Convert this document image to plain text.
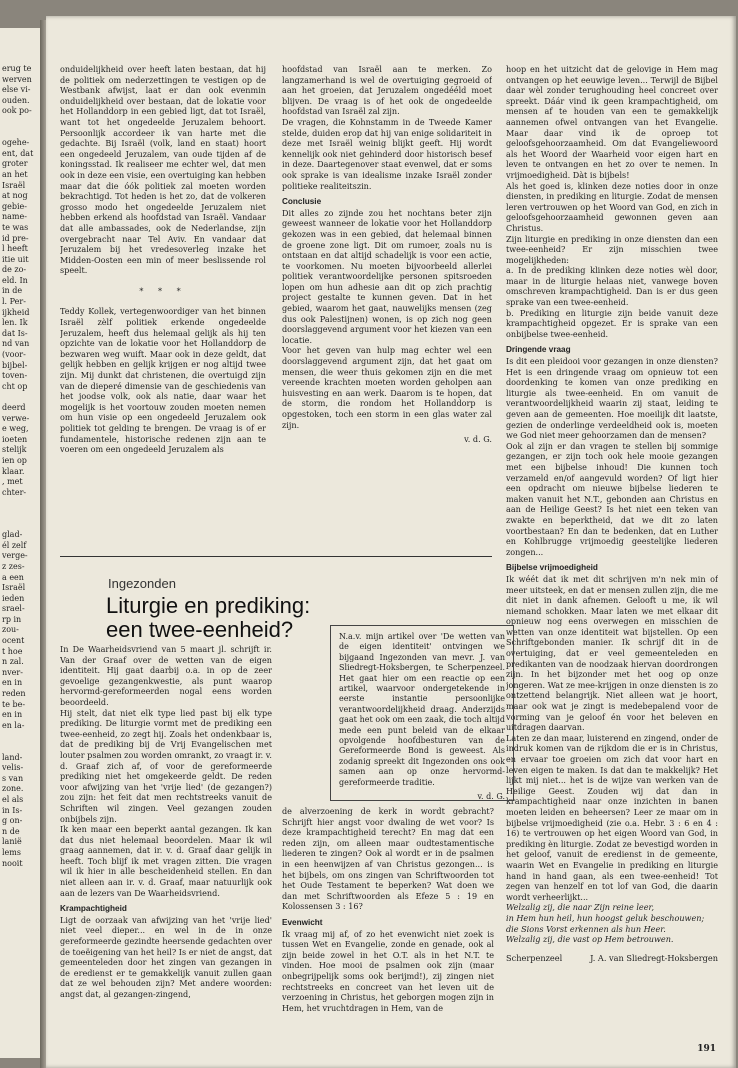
erug te
werven
else vi-
ouden.
ook po-

ogehe-
ent, dat
groter
an het
Israël
at nog
gebie-
name-
te was
id pre-
l heeft
itie uit
de zo-
eld. In
in de
l. Per-
ijkheid
len. Ik
dat Is-
nd van
(voor-
bijbel-
toven-
cht op

deerd
verwe-
e weg,
ioeten
stelijk
ien op
klaar.
, met
chter-

glad-
él zelf
verge-
z zes-
a een
Israël
ieden
srael-
rp in
zou-
ocent
t hoe
n zal.
nver-
en in
reden
te be-
en in
en la-

land-
velis-
s van
zone.
el als
in Is-
g on-
n de
lanië
lems
nooit

onduidelijkheid over heeft laten bestaan, dat hij de politiek om nederzettingen te vestigen op de Westbank afwijst, laat er dan ook evenmin onduidelijkheid over bestaan, dat de lokatie voor het Hollanddorp in een gebied ligt, dat tot Israël, want tot het ongedeelde Jeruzalem behoort. Persoonlijk accordeer ik van harte met die gedachte. Bij Israël (volk, land en staat) hoort een ongedeeld Jeruzalem, van oude tijden af de koningsstad. Ik realiseer me echter wel, dat men ook in deze een visie, een overtuiging kan hebben maar dat die óók politiek zal moeten worden bekrachtigd. Tot heden is het zo, dat de volkeren grosso modo het ongedeelde Jeruzalem niet hebben erkend als hoofdstad van Israël. Vandaar dat alle ambassades, ook de Nederlandse, zijn overgebracht naar Tel Aviv. En vandaar dat Jeruzalem bij het vredesoverleg inzake het Midden-Oosten een min of meer beslissende rol speelt.

* * *

Teddy Kollek, vertegenwoordiger van het binnen Israël zèlf politiek erkende ongedeelde Jeruzalem, heeft dus helemaal gelijk als hij ten opzichte van de lokatie voor het Hollanddorp de bezwaren weg wuift. Maar ook in deze geldt, dat gelijk hebben en gelijk krijgen er nog altijd twee zijn. Mij dunkt dat christenen, die overtuigd zijn van de dieperé dimensie van de geschiedenis van het joodse volk, ook als natie, daar waar het mogelijk is het voortouw zouden moeten nemen om hun visie op een ongedeeld Jeruzalem ook politiek tot gelding te brengen. De vraag is of er fundamentele, historische redenen zijn aan te voeren om een ongedeeld Jeruzalem als

hoofdstad van Israël aan te merken. Zo langzamerhand is wel de overtuiging gegroeid of aan het groeien, dat Jeruzalem ongedééld moet blijven. De vraag is of het ook de ongedeelde hoofdstad van Israël zal zijn.

De vragen, die Kohnstamm in de Tweede Kamer stelde, duiden erop dat hij van enige solidariteit in deze met Israël weinig blijkt geeft. Hij wordt kennelijk ook niet gehinderd door historisch besef in deze. Daartegenover staat evenwel, dat er soms ook sprake is van idealisme inzake Israël zonder politieke realiteitszin.

Conclusie

Dit alles zo zijnde zou het nochtans beter zijn geweest wanneer de lokatie voor het Hollanddorp gekozen was in een gebied, dat helemaal binnen de groene zone ligt. Dit om rumoer, zoals nu is ontstaan en dat altijd schadelijk is voor een actie, te voorkomen. Nu moeten bijvoorbeeld allerlei politiek verantwoordelijke personen spitsroeden lopen om hun adhesie aan dit op zich prachtig project gestalte te kunnen geven. Dat in het gebied, waarom het gaat, nauwelijks mensen (zeg dus ook Palestijnen) wonen, is op zich nog geen doorslaggevend argument voor het kiezen van een locatie.

Voor het geven van hulp mag echter wel een doorslaggevend argument zijn, dat het gaat om mensen, die weer thuis gekomen zijn en die met vereende krachten moeten worden geholpen aan huisvesting en aan werk. Daarom is te hopen, dat de storm, die rondom het Hollanddorp is opgestoken, toch een storm in een glas water zal zijn.

v. d. G.

hoop en het uitzicht dat de gelovige in Hem mag ontvangen op het eeuwige leven... Terwijl de Bijbel daar wèl zonder terughouding heel concreet over spreekt. Dáár vind ik geen krampachtigheid, om mensen af te houden van een te gemakkelijk aannemen ofwel ontvangen van het Evangelie. Maar daar vind ik de oproep tot geloofsgehoorzaamheid. Om dat Evangeliewoord als het Woord der Waarheid voor eigen hart en leven te ontvangen en het zo over te nemen. In vrijmoedigheid. Dàt is bijbels!

Als het goed is, klinken deze noties door in onze diensten, in prediking en liturgie. Zodat de mensen leren vertrouwen op het Woord van God, en zich in geloofsgehoorzaamheid gewonnen geven aan Christus.

Zijn liturgie en prediking in onze diensten dan een twee-eenheid? Er zijn misschien twee mogelijkheden:

a. In de prediking klinken deze noties wèl door, maar in de liturgie helaas niet, vanwege boven omschreven krampachtigheid. Dan is er dus geen sprake van een twee-eenheid.

b. Prediking en liturgie zijn beide vanuit deze krampachtigheid opgezet. Er is sprake van een onbijbelse twee-eenheid.

Dringende vraag

Is dit een pleidooi voor gezangen in onze diensten? Het is een dringende vraag om opnieuw tot een doordenking te komen van onze prediking en liturgie als twee-eenheid. En om vanuit de verantwoordelijkheid waarin zij staat, leiding te geven aan de gemeenten. Hoe moeilijk dit laatste, gezien de onderlinge verdeeldheid ook is, moeten we God niet meer gehoorzamen dan de mensen?

Ook al zijn er dan vragen te stellen bij sommige gezangen, er zijn toch ook hele mooie gezangen met een bijbelse inhoud! Die kunnen toch verzameld en/of aangevuld worden? Of ligt hier een opdracht om nieuwe bijbelse liederen te maken vanuit het N.T., gebonden aan Christus en aan de Heilige Geest? Is het niet een teken van zwakte en beperktheid, dat we dit zo laten voortbestaan? En dan te bedenken, dat en Luther en Kohlbrugge vrijmoedig geestelijke liederen zongen...

Bijbelse vrijmoedigheid

Ik wéét dat ik met dit schrijven m'n nek min of meer uitsteek, en dat er mensen zullen zijn, die me dit niet in dank afnemen. Gelooft u me, ik wil niemand schokken. Maar laten we met elkaar dit opnieuw nog eens overwegen en misschien de wetten van onze identiteit wat bijstellen. Op een Schriftgebonden manier. Ik schrijf dit in de overtuiging, dat er veel gemeenteleden en predikanten van de noodzaak hiervan doordrongen zijn. In het bijzonder met het oog op onze jongeren. Wat ze mee-krijgen in onze diensten is zo ontzettend belangrijk. Niet alleen wat je hoort, maar ook wat je zingt is medebepalend voor de vorming van je geloof én voor het beleven en uitdragen daarvan.

Laten ze dan maar, luisterend en zingend, onder de indruk komen van de rijkdom die er is in Christus, en ervaar toe groeien om zich dat voor hart en leven eigen te maken. Is dat dan te makkelijk? Het lijkt mij niet... het is de wijze van werken van de Heilige Geest. Zouden wij dat dan in krampachtigheid naar onze inzichten in banen moeten leiden en beheersen? Leer ze maar om in bijbelse vrijmoedigheid (zie o.a. Hebr. 3 : 6 en 4 : 16) te vertrouwen op het eigen Woord van God, in prediking èn liturgie. Zodat ze bevestigd worden in het geloof, vanuit de eredienst in de gemeente, waarin Wet en Evangelie in prediking en liturgie hand in hand gaan, als een twee-eenheid! Tot zegen van henzelf en tot lof van God, die daarin wordt verheerlijkt...

Welzalig zij, die naar Zijn reine leer,

in Hem hun heil, hun hoogst geluk beschouwen;

die Sions Vorst erkennen als hun Heer.

Welzalig zij, die vast op Hem betrouwen.

Scherpenzeel	J. A. van Sliedregt-Hoksbergen

Ingezonden
Liturgie en prediking: een twee-eenheid?

In De Waarheidsvriend van 5 maart jl. schrijft ir. Van der Graaf over de wetten van de eigen identiteit. Hij gaat daarbij o.a. in op de zeer gevoelige gezangenkwestie, als punt waarop hervormd-gereformeerden nogal eens worden beoordeeld.

Hij stelt, dat niet elk type lied past bij elk type prediking. De liturgie vormt met de prediking een twee-eenheid, zo zegt hij. Zoals het ondenkbaar is, dat de prediking bij de Vrij Evangelischen met louter psalmen zou worden omrankt, zo vraagt ir. v. d. Graaf zich af, of voor de gereformeerde prediking niet het omgekeerde geldt. De reden voor afwijzing van het 'vrije lied' (de gezangen?) zou zijn: het feit dat men rechtstreeks vanuit de Schriften wil zingen. Veel gezangen zouden onbijbels zijn.

Ik ken maar een beperkt aantal gezangen. Ik kan dat dus niet helemaal beoordelen. Maar ik wil graag aannemen, dat ir. v. d. Graaf daar gelijk in heeft. Toch blijf ik met vragen zitten. Die vragen wil ik hier in alle bescheidenheid stellen. En dan niet alleen aan ir. v. d. Graaf, maar natuurlijk ook aan de lezers van De Waarheidsvriend.

Krampachtigheid

Ligt de oorzaak van afwijzing van het 'vrije lied' niet veel dieper... en wel in de in onze gereformeerde gezindte heersende gedachten over de toeëigening van het heil? Is er niet de angst, dat gemeenteleden door het zingen van gezangen in de eredienst er te gemakkelijk vanuit zullen gaan dat ze wel behouden zijn? Met andere woorden: angst dat, al gezangen-zingend,

N.a.v. mijn artikel over 'De wetten van de eigen identiteit' ontvingen we bijgaand Ingezonden van mevr. J. van Sliedregt-Hoksbergen, te Scherpenzeel. Het gaat hier om een reactie op een artikel, waarvoor ondergetekende in eerste instantie persoonlijke verantwoordelijkheid draag. Anderzijds gaat het ook om een zaak, die toch altijd mede een punt beleid van de elkaar opvolgende hoofdbesturen van de Gereformeerde Bond is geweest. Als zodanig spreekt dit Ingezonden ons ook samen aan op onze hervormd-gereformeerde traditie.

v. d. G.

de alverzoening de kerk in wordt gebracht? Schrijft hier angst voor dwaling de wet voor? Is deze krampachtigheid terecht? En mag dat een reden zijn, om alleen maar oudtestamentische liederen te zingen? Ook al wordt er in de psalmen in een heenwijzen af van Christus gezongen... is het bijbels, om ons zingen van Schriftwoorden tot het Oude Testament te beperken? Wat doen we dan met Schriftwoorden als Efeze 5 : 19 en Kolossensen 3 : 16?

Evenwicht

Ik vraag mij af, of zo het evenwicht niet zoek is tussen Wet en Evangelie, zonde en genade, ook al zijn beide zowel in het O.T. als in het N.T. te vinden. Hoe mooi de psalmen ook zijn (maar onbegrijpelijk soms ook berijmd!), zij zingen niet rechtstreeks en concreet van het leven uit de verzoening in Christus, het geborgen mogen zijn in Hem, het vruchtdragen in Hem, van de

191
